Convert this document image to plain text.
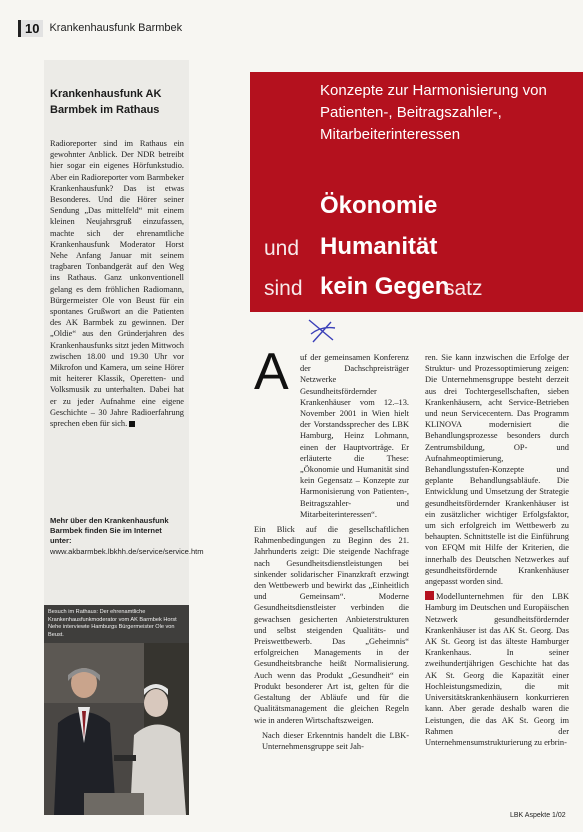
10 Krankenhausfunk Barmbek
Krankenhausfunk AK Barmbek im Rathaus
Radioreporter sind im Rathaus ein gewohnter Anblick. Der NDR betreibt hier sogar ein eigenes Hörfunkstudio. Aber ein Radioreporter vom Barmbeker Krankenhausfunk? Das ist etwas Besonderes. Und die Hörer seiner Sendung „Das mittelfeld“ mit einem kleinen Neujahrsgruß einzufassen, machte sich der ehrenamtliche Krankenhausfunk Moderator Horst Nehe Anfang Januar mit seinem tragbaren Tonbandgerät auf den Weg ins Rathaus. Ganz unkonventionell gelang es dem fröhlichen Radiomann, Bürgermeister Ole von Beust für ein spontanes Grußwort an die Patienten des AK Barmbek zu gewinnen. Der „Oldie“ aus den Gründerjahren des Krankenhausfunks sitzt jeden Mittwoch zwischen 18.00 und 19.30 Uhr vor Mikrofon und Kamera, um seine Hörer mit heiterer Klassik, Operetten- und Volksmusik zu unterhalten. Dabei hat er zu jeder Aufnahme eine eigene Geschichte – 30 Jahre Radioerfahrung sprechen eben für sich.
Mehr über den Krankenhausfunk Barmbek finden Sie im Internet unter:
www.akbarmbek.lbkhh.de/service/service.htm
Besuch im Rathaus: Der ehrenamtliche Krankenhausfunkmoderator vom AK Barmbek Horst Nehe interviewte Hamburgs Bürgermeister Ole von Beust.
Konzepte zur Harmonisierung von Patienten-, Beitragszahler-, Mitarbeiterinteressen
Ökonomie
und Humanität
sind kein Gegen
satz
A	uf der gemeinsamen Konferenz der Dachschpreisträger Netzwerke Gesundheitsfördernder Krankenhäuser vom 12.–13. November 2001 in Wien hielt der Vorstandssprecher des LBK Hamburg, Heinz Lohmann, einen der Hauptvorträge. Er erläuterte die These: „Ökonomie und Humanität sind kein Gegensatz – Konzepte zur Harmonisierung von Patienten-, Beitragszahler- und Mitarbeiterinteressen“.

Ein Blick auf die gesellschaftlichen Rahmenbedingungen zu Beginn des 21. Jahrhunderts zeigt: Die steigende Nachfrage nach Gesundheitsdienstleistungen bei sinkender solidarischer Finanzkraft erzwingt den Wettbewerb und bewirkt das „Einheitlich und Gemeinsam“. Moderne Gesundheitsdienstleister verbinden die gewachsen gesicherten Anbieterstrukturen und selbst steigenden Qualitäts- und Preiswettbewerb. Das „Geheimnis“ erfolgreichen Managements in der Gesundheitsbranche heißt Normalisierung. Auch wenn das Produkt „Gesundheit“ ein Produkt besonderer Art ist, gelten für die Gestaltung der Abläufe und für die Qualitätsmanagement die gleichen Regeln wie in anderen Wirtschaftszweigen.

Nach dieser Erkenntnis handelt die LBK-Unternehmensgruppe seit Jah-

ren. Sie kann inzwischen die Erfolge der Struktur- und Prozessoptimierung zeigen: Die Unternehmensgruppe besteht derzeit aus drei Tochtergesellschaften, sieben Krankenhäusern, acht Service-Betrieben und neun Servicecentern. Das Programm KLINOVA modernisiert die Behandlungsprozesse besonders durch Zentrumsbildung, OP- und Aufnahmeoptimierung, Behandlungsstufen-Konzepte und geplante Behandlungsabläufe. Die Entwicklung und Umsetzung der Strategie gesundheitsfördernder Krankenhäuser ist ein zusätzlicher wichtiger Erfolgsfaktor, um sich erfolgreich im Wettbewerb zu behaupten. Schnittstelle ist die Einführung von EFQM mit Hilfe der Kriterien, die innerhalb des Deutschen Netzwerkes auf gesundheitsfördernde Krankenhäuser angepasst worden sind.

Modellunternehmen für den LBK Hamburg im Deutschen und Europäischen Netzwerk gesundheitsfördernder Krankenhäuser ist das AK St. Georg. Das AK St. Georg ist das älteste Hamburger Krankenhaus. In seiner zweihundertjährigen Geschichte hat das AK St. Georg die Kapazität einer Hochleistungsmedizin, die mit Universitätskrankenhäusern konkurrieren kann. Aber gerade deshalb waren die Leistungen, die das AK St. Georg im Rahmen der Unternehmensumstrukturierung zu erbrin-

LBK Aspekte 1/02
